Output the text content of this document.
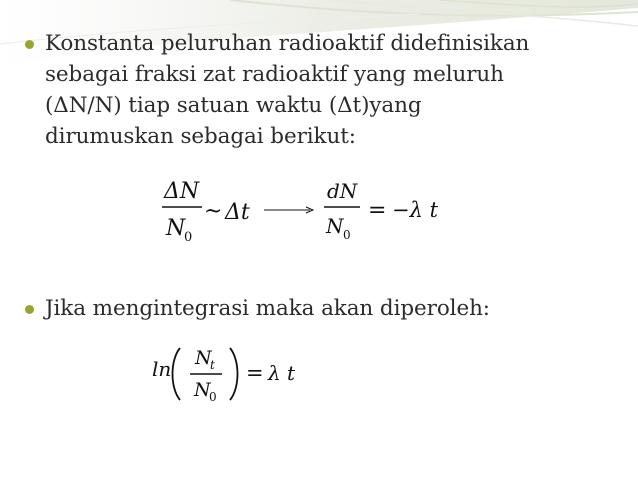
Konstanta peluruhan radioaktif didefinisikan
sebagai fraksi zat radioaktif yang meluruh
(ΔN/N) tiap satuan waktu (Δt)yang
dirumuskan sebagai berikut:
ΔN
N
0
~ Δt
dN
N 0
= −λ t
Jika mengintegrasi maka akan diperoleh:
ln N
t
N
0
= λ t
